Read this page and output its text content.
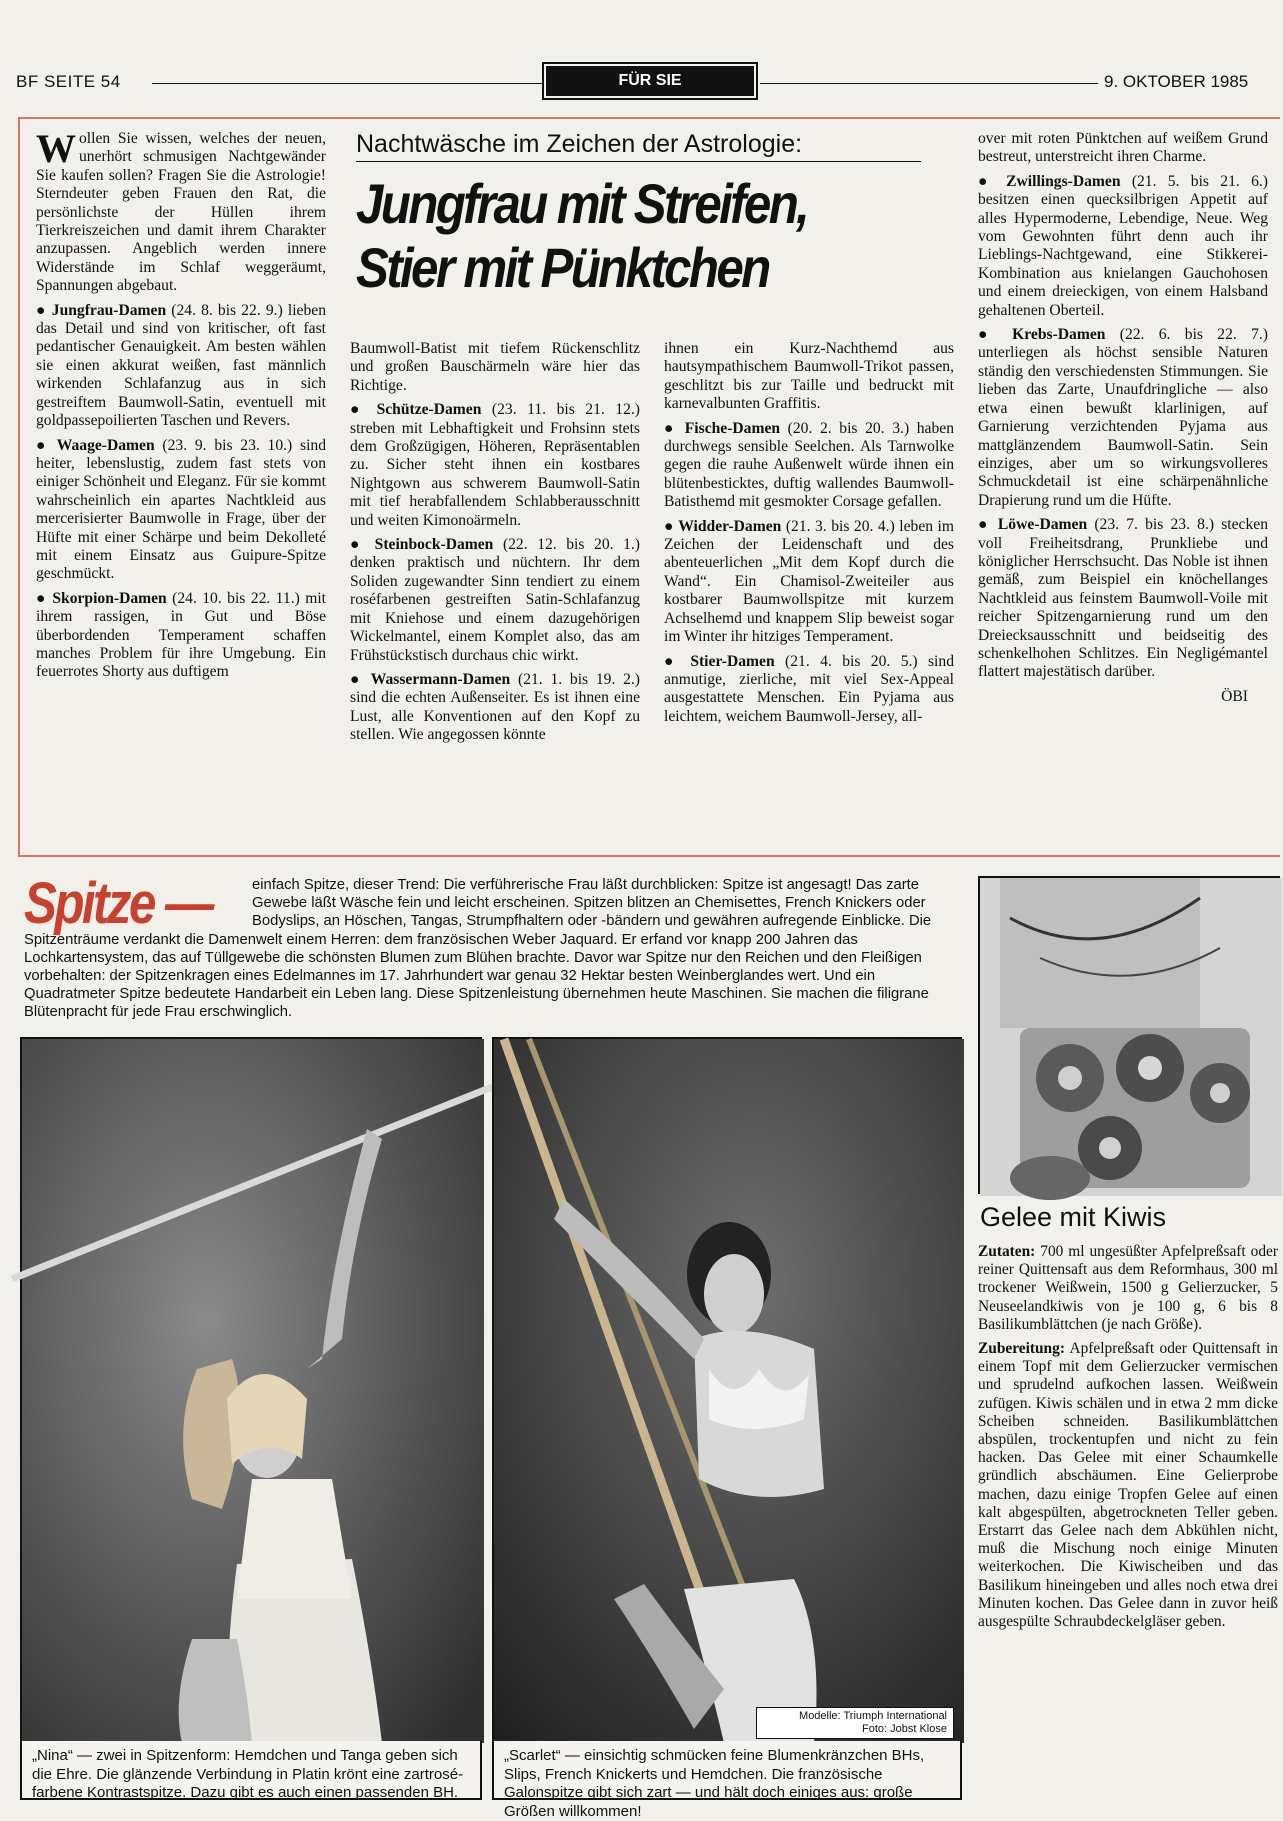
BF SEITE 54	FÜR SIE	9. OKTOBER 1985
Nachtwäsche im Zeichen der Astrologie:
Jungfrau mit Streifen,
Stier mit Pünktchen

Wollen Sie wissen, welches der neuen, unerhört schmusigen Nachtgewänder Sie kaufen sollen? Fragen Sie die Astrologie! Sterndeuter geben Frauen den Rat, die persönlichste der Hüllen ihrem Tierkreiszeichen und damit ihrem Charakter anzupassen. Angeblich werden innere Widerstände im Schlaf weggeräumt, Spannungen abgebaut.

● Jungfrau-Damen (24. 8. bis 22. 9.) lieben das Detail und sind von kritischer, oft fast pedantischer Genauigkeit. Am besten wählen sie einen akkurat weißen, fast männlich wirkenden Schlafanzug aus in sich gestreiftem Baumwoll-Satin, eventuell mit goldpassepoilierten Taschen und Revers.

● Waage-Damen (23. 9. bis 23. 10.) sind heiter, lebenslustig, zudem fast stets von einiger Schönheit und Eleganz. Für sie kommt wahrscheinlich ein apartes Nachtkleid aus mercerisierter Baumwolle in Frage, über der Hüfte mit einer Schärpe und beim Dekolleté mit einem Einsatz aus Guipure-Spitze geschmückt.

● Skorpion-Damen (24. 10. bis 22. 11.) mit ihrem rassigen, in Gut und Böse überbordenden Temperament schaffen manches Problem für ihre Umgebung. Ein feuerrotes Shorty aus duftigem

Baumwoll-Batist mit tiefem Rückenschlitz und großen Bauschärmeln wäre hier das Richtige.

● Schütze-Damen (23. 11. bis 21. 12.) streben mit Lebhaftigkeit und Frohsinn stets dem Großzügigen, Höheren, Repräsentablen zu. Sicher steht ihnen ein kostbares Nightgown aus schwerem Baumwoll-Satin mit tief herabfallendem Schlabberausschnitt und weiten Kimonoärmeln.

● Steinbock-Damen (22. 12. bis 20. 1.) denken praktisch und nüchtern. Ihr dem Soliden zugewandter Sinn tendiert zu einem roséfarbenen gestreiften Satin-Schlafanzug mit Kniehose und einem dazugehörigen Wickelmantel, einem Komplet also, das am Frühstückstisch durchaus chic wirkt.

● Wassermann-Damen (21. 1. bis 19. 2.) sind die echten Außenseiter. Es ist ihnen eine Lust, alle Konventionen auf den Kopf zu stellen. Wie angegossen könnte

ihnen ein Kurz-Nachthemd aus hautsympathischem Baumwoll-Trikot passen, geschlitzt bis zur Taille und bedruckt mit karnevalbunten Graffitis.

● Fische-Damen (20. 2. bis 20. 3.) haben durchwegs sensible Seelchen. Als Tarnwolke gegen die rauhe Außenwelt würde ihnen ein blütenbesticktes, duftig wallendes Baumwoll-Batisthemd mit gesmokter Corsage gefallen.

● Widder-Damen (21. 3. bis 20. 4.) leben im Zeichen der Leidenschaft und des abenteuerlichen „Mit dem Kopf durch die Wand“. Ein Chamisol-Zweiteiler aus kostbarer Baumwollspitze mit kurzem Achselhemd und knappem Slip beweist sogar im Winter ihr hitziges Temperament.

● Stier-Damen (21. 4. bis 20. 5.) sind anmutige, zierliche, mit viel Sex-Appeal ausgestattete Menschen. Ein Pyjama aus leichtem, weichem Baumwoll-Jersey, all-

over mit roten Pünktchen auf weißem Grund bestreut, unterstreicht ihren Charme.

● Zwillings-Damen (21. 5. bis 21. 6.) besitzen einen quecksilbrigen Appetit auf alles Hypermoderne, Lebendige, Neue. Weg vom Gewohnten führt denn auch ihr Lieblings-Nachtgewand, eine Stikkerei-Kombination aus knielangen Gauchohosen und einem dreieckigen, von einem Halsband gehaltenen Oberteil.

● Krebs-Damen (22. 6. bis 22. 7.) unterliegen als höchst sensible Naturen ständig den verschiedensten Stimmungen. Sie lieben das Zarte, Unaufdringliche — also etwa einen bewußt klarlinigen, auf Garnierung verzichtenden Pyjama aus mattglänzendem Baumwoll-Satin. Sein einziges, aber um so wirkungsvolleres Schmuckdetail ist eine schärpenähnliche Drapierung rund um die Hüfte.

● Löwe-Damen (23. 7. bis 23. 8.) stecken voll Freiheitsdrang, Prunkliebe und königlicher Herrschsucht. Das Noble ist ihnen gemäß, zum Beispiel ein knöchellanges Nachtkleid aus feinstem Baumwoll-Voile mit reicher Spitzengarnierung rund um den Dreiecksausschnitt und beidseitig des schenkelhohen Schlitzes. Ein Negligémantel flattert majestätisch darüber.

ÖBI

Spitze —	einfach Spitze, dieser Trend: Die verführerische Frau läßt durchblicken: Spitze ist angesagt! Das zarte Gewebe läßt Wäsche fein und leicht erscheinen. Spitzen blitzen an Chemisettes, French Knickers oder Bodyslips, an Höschen, Tangas, Strumpfhaltern oder -bändern und gewähren aufregende Einblicke. Die Spitzenträume verdankt die Damenwelt einem Herren: dem französischen Weber Jaquard. Er erfand vor knapp 200 Jahren das Lochkartensystem, das auf Tüllgewebe die schönsten Blumen zum Blühen brachte. Davor war Spitze nur den Reichen und den Fleißigen vorbehalten: der Spitzenkragen eines Edelmannes im 17. Jahrhundert war genau 32 Hektar besten Weinberglandes wert. Und ein Quadratmeter Spitze bedeutete Handarbeit ein Leben lang. Diese Spitzenleistung übernehmen heute Maschinen. Sie machen die filigrane Blütenpracht für jede Frau erschwinglich.
„Nina“ — zwei in Spitzenform: Hemdchen und Tanga geben sich die Ehre. Die glänzende Verbindung in Platin krönt eine zartrosé-farbene Kontrastspitze. Dazu gibt es auch einen passenden BH.
Modelle: Triumph International
Foto: Jobst Klose
„Scarlet“ — einsichtig schmücken feine Blumenkränzchen BHs, Slips, French Knickerts und Hemdchen. Die französische Galonspitze gibt sich zart — und hält doch einiges aus: große Größen willkommen!
Gelee mit Kiwis

Zutaten: 700 ml ungesüßter Apfelpreßsaft oder reiner Quittensaft aus dem Reformhaus, 300 ml trockener Weißwein, 1500 g Gelierzucker, 5 Neuseelandkiwis von je 100 g, 6 bis 8 Basilikumblättchen (je nach Größe).

Zubereitung: Apfelpreßsaft oder Quittensaft in einem Topf mit dem Gelierzucker vermischen und sprudelnd aufkochen lassen. Weißwein zufügen. Kiwis schälen und in etwa 2 mm dicke Scheiben schneiden. Basilikumblättchen abspülen, trockentupfen und nicht zu fein hacken. Das Gelee mit einer Schaumkelle gründlich abschäumen. Eine Gelierprobe machen, dazu einige Tropfen Gelee auf einen kalt abgespülten, abgetrockneten Teller geben. Erstarrt das Gelee nach dem Abkühlen nicht, muß die Mischung noch einige Minuten weiterkochen. Die Kiwischeiben und das Basilikum hineingeben und alles noch etwa drei Minuten kochen. Das Gelee dann in zuvor heiß ausgespülte Schraubdeckelgläser geben.
